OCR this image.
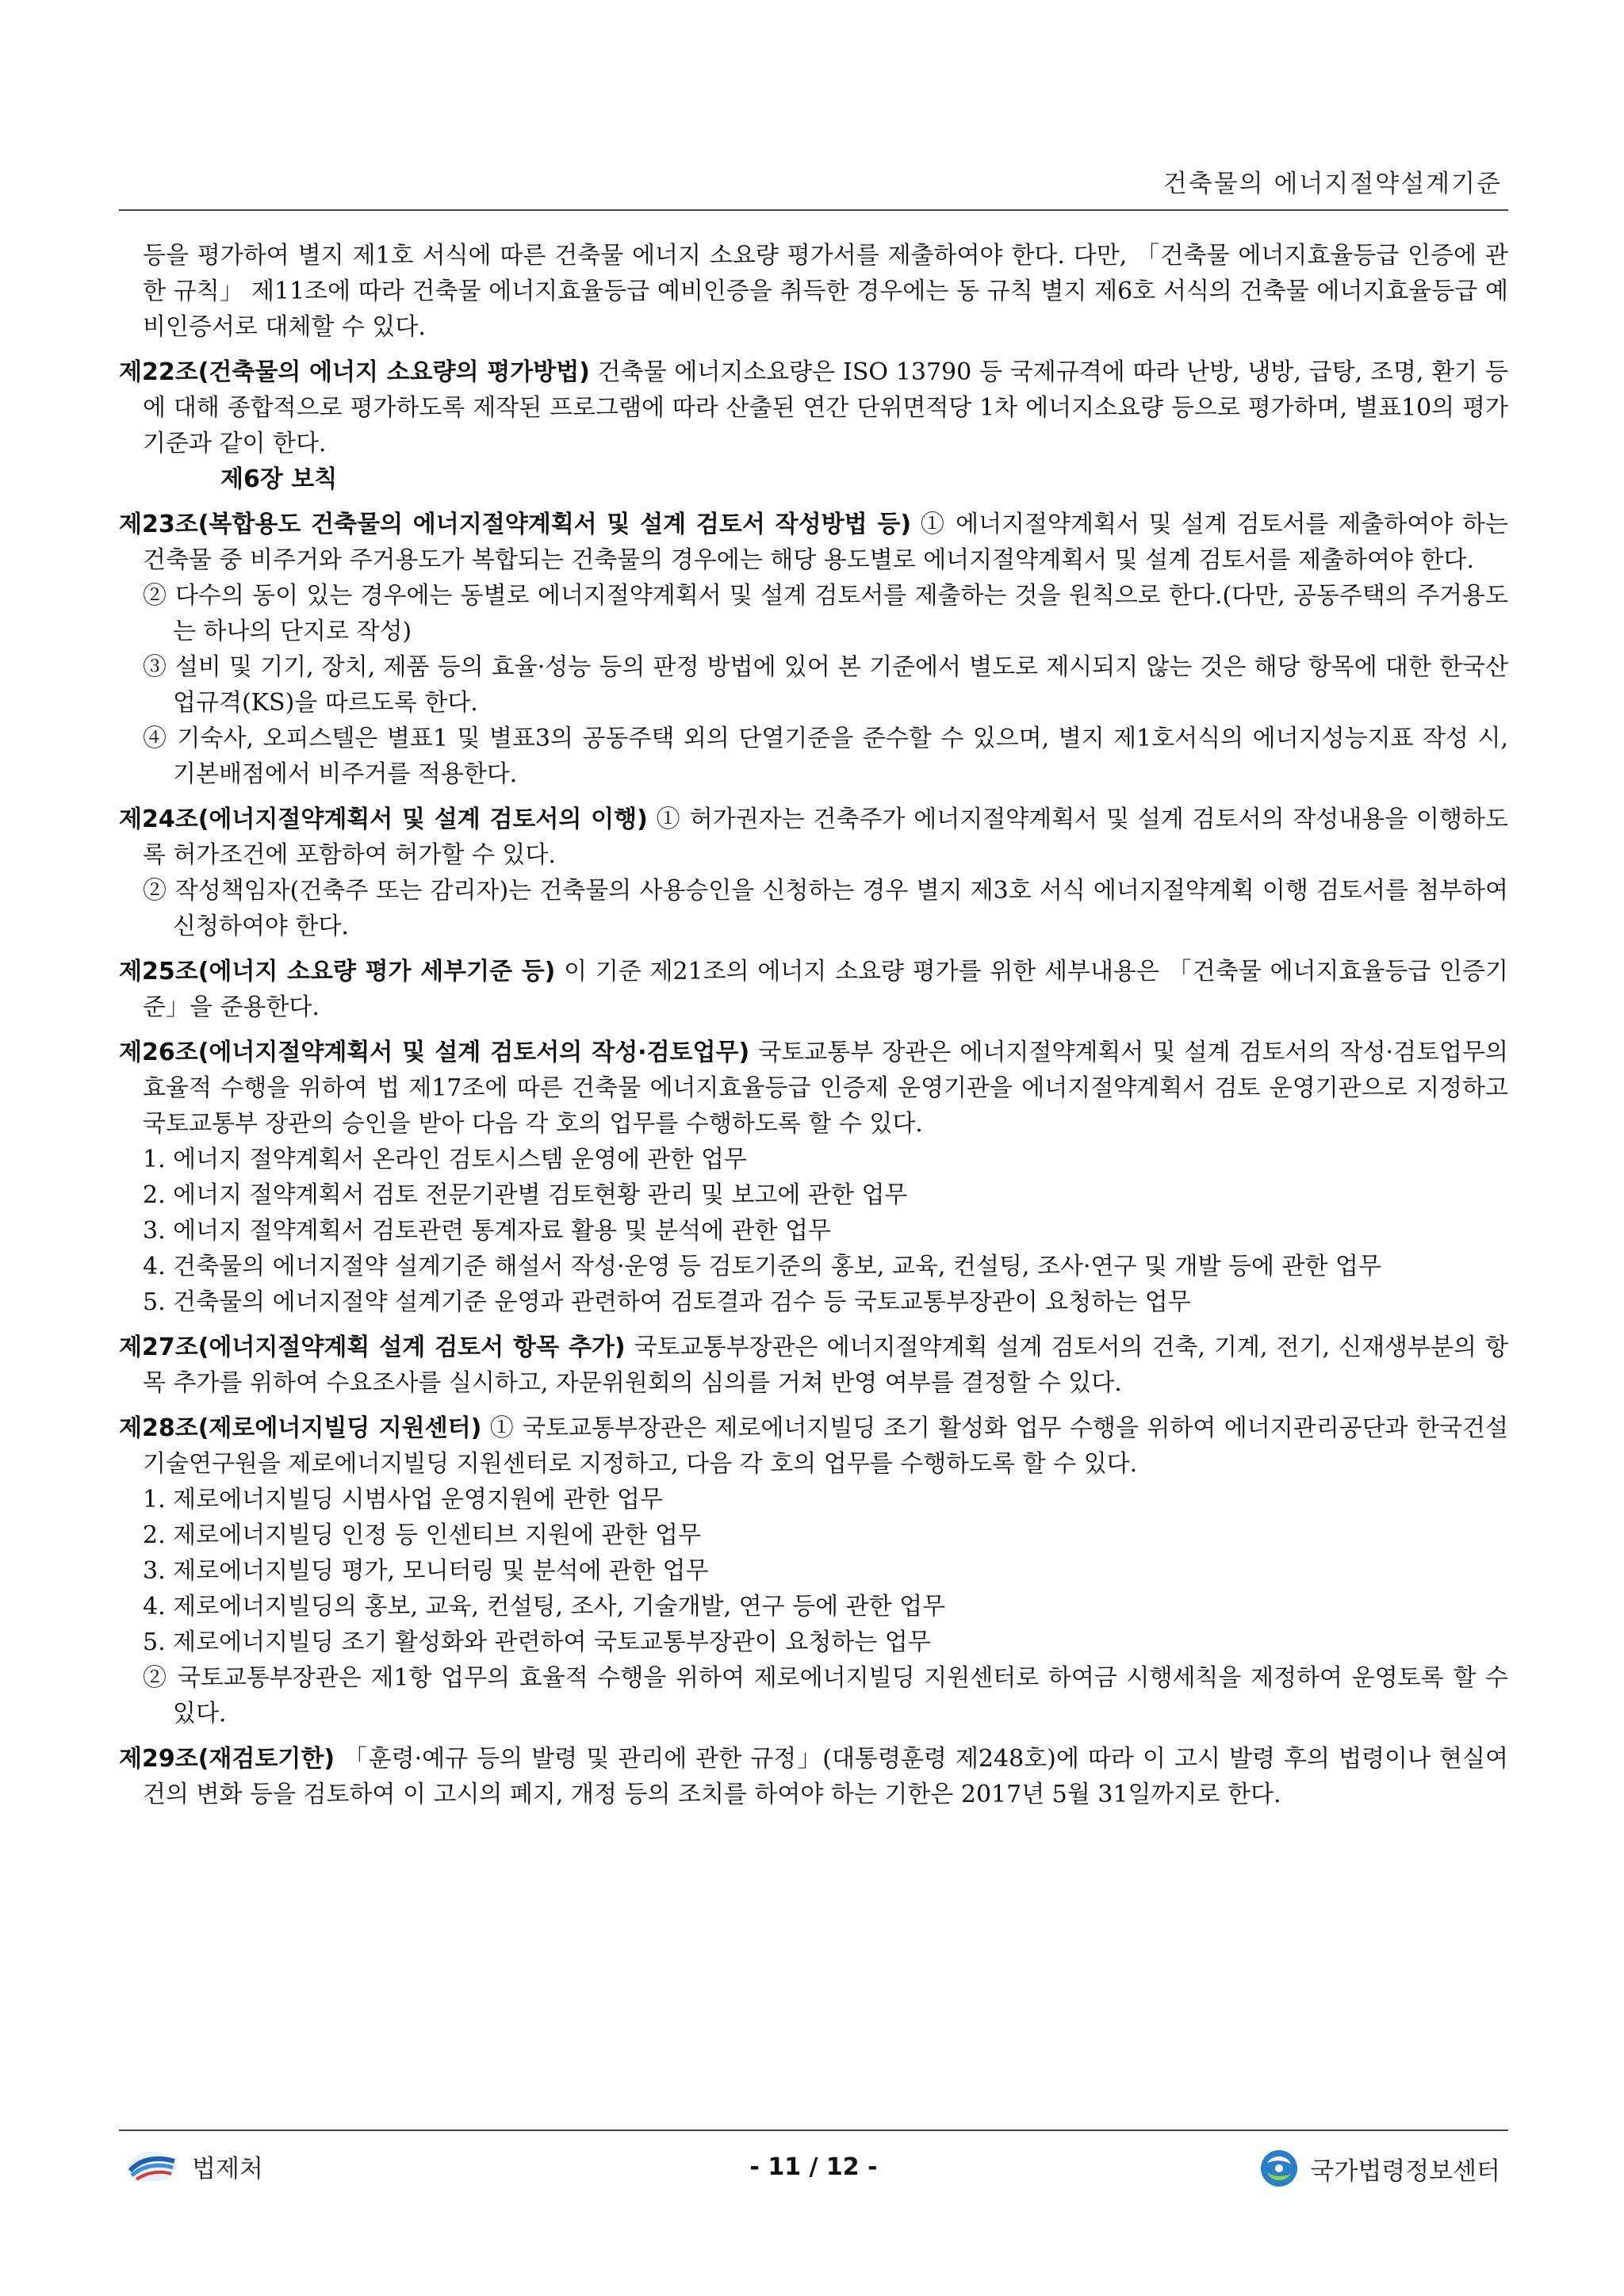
건축물의 에너지절약설계기준

등을 평가하여 별지 제1호 서식에 따른 건축물 에너지 소요량 평가서를 제출하여야 한다. 다만, 「건축물 에너지효율등급 인증에 관한 규칙」 제11조에 따라 건축물 에너지효율등급 예비인증을 취득한 경우에는 동 규칙 별지 제6호 서식의 건축물 에너지효율등급 예비인증서로 대체할 수 있다.

제22조(건축물의 에너지 소요량의 평가방법) 건축물 에너지소요량은 ISO 13790 등 국제규격에 따라 난방, 냉방, 급탕, 조명, 환기 등에 대해 종합적으로 평가하도록 제작된 프로그램에 따라 산출된 연간 단위면적당 1차 에너지소요량 등으로 평가하며, 별표10의 평가기준과 같이 한다.

제6장 보칙

제23조(복합용도 건축물의 에너지절약계획서 및 설계 검토서 작성방법 등) ① 에너지절약계획서 및 설계 검토서를 제출하여야 하는 건축물 중 비주거와 주거용도가 복합되는 건축물의 경우에는 해당 용도별로 에너지절약계획서 및 설계 검토서를 제출하여야 한다.

② 다수의 동이 있는 경우에는 동별로 에너지절약계획서 및 설계 검토서를 제출하는 것을 원칙으로 한다.(다만, 공동주택의 주거용도는 하나의 단지로 작성)

③ 설비 및 기기, 장치, 제품 등의 효율·성능 등의 판정 방법에 있어 본 기준에서 별도로 제시되지 않는 것은 해당 항목에 대한 한국산업규격(KS)을 따르도록 한다.

④ 기숙사, 오피스텔은 별표1 및 별표3의 공동주택 외의 단열기준을 준수할 수 있으며, 별지 제1호서식의 에너지성능지표 작성 시, 기본배점에서 비주거를 적용한다.

제24조(에너지절약계획서 및 설계 검토서의 이행) ① 허가권자는 건축주가 에너지절약계획서 및 설계 검토서의 작성내용을 이행하도록 허가조건에 포함하여 허가할 수 있다.

② 작성책임자(건축주 또는 감리자)는 건축물의 사용승인을 신청하는 경우 별지 제3호 서식 에너지절약계획 이행 검토서를 첨부하여 신청하여야 한다.

제25조(에너지 소요량 평가 세부기준 등) 이 기준 제21조의 에너지 소요량 평가를 위한 세부내용은 「건축물 에너지효율등급 인증기준」을 준용한다.

제26조(에너지절약계획서 및 설계 검토서의 작성·검토업무) 국토교통부 장관은 에너지절약계획서 및 설계 검토서의 작성·검토업무의 효율적 수행을 위하여 법 제17조에 따른 건축물 에너지효율등급 인증제 운영기관을 에너지절약계획서 검토 운영기관으로 지정하고 국토교통부 장관의 승인을 받아 다음 각 호의 업무를 수행하도록 할 수 있다.

1. 에너지 절약계획서 온라인 검토시스템 운영에 관한 업무

2. 에너지 절약계획서 검토 전문기관별 검토현황 관리 및 보고에 관한 업무

3. 에너지 절약계획서 검토관련 통계자료 활용 및 분석에 관한 업무

4. 건축물의 에너지절약 설계기준 해설서 작성·운영 등 검토기준의 홍보, 교육, 컨설팅, 조사·연구 및 개발 등에 관한 업무

5. 건축물의 에너지절약 설계기준 운영과 관련하여 검토결과 검수 등 국토교통부장관이 요청하는 업무

제27조(에너지절약계획 설계 검토서 항목 추가) 국토교통부장관은 에너지절약계획 설계 검토서의 건축, 기계, 전기, 신재생부분의 항목 추가를 위하여 수요조사를 실시하고, 자문위원회의 심의를 거쳐 반영 여부를 결정할 수 있다.

제28조(제로에너지빌딩 지원센터) ① 국토교통부장관은 제로에너지빌딩 조기 활성화 업무 수행을 위하여 에너지관리공단과 한국건설기술연구원을 제로에너지빌딩 지원센터로 지정하고, 다음 각 호의 업무를 수행하도록 할 수 있다.

1. 제로에너지빌딩 시범사업 운영지원에 관한 업무

2. 제로에너지빌딩 인정 등 인센티브 지원에 관한 업무

3. 제로에너지빌딩 평가, 모니터링 및 분석에 관한 업무

4. 제로에너지빌딩의 홍보, 교육, 컨설팅, 조사, 기술개발, 연구 등에 관한 업무

5. 제로에너지빌딩 조기 활성화와 관련하여 국토교통부장관이 요청하는 업무

② 국토교통부장관은 제1항 업무의 효율적 수행을 위하여 제로에너지빌딩 지원센터로 하여금 시행세칙을 제정하여 운영토록 할 수 있다.

제29조(재검토기한) 「훈령·예규 등의 발령 및 관리에 관한 규정」(대통령훈령 제248호)에 따라 이 고시 발령 후의 법령이나 현실여건의 변화 등을 검토하여 이 고시의 폐지, 개정 등의 조치를 하여야 하는 기한은 2017년 5월 31일까지로 한다.

법제처	- 11 / 12 -	국가법령정보센터
